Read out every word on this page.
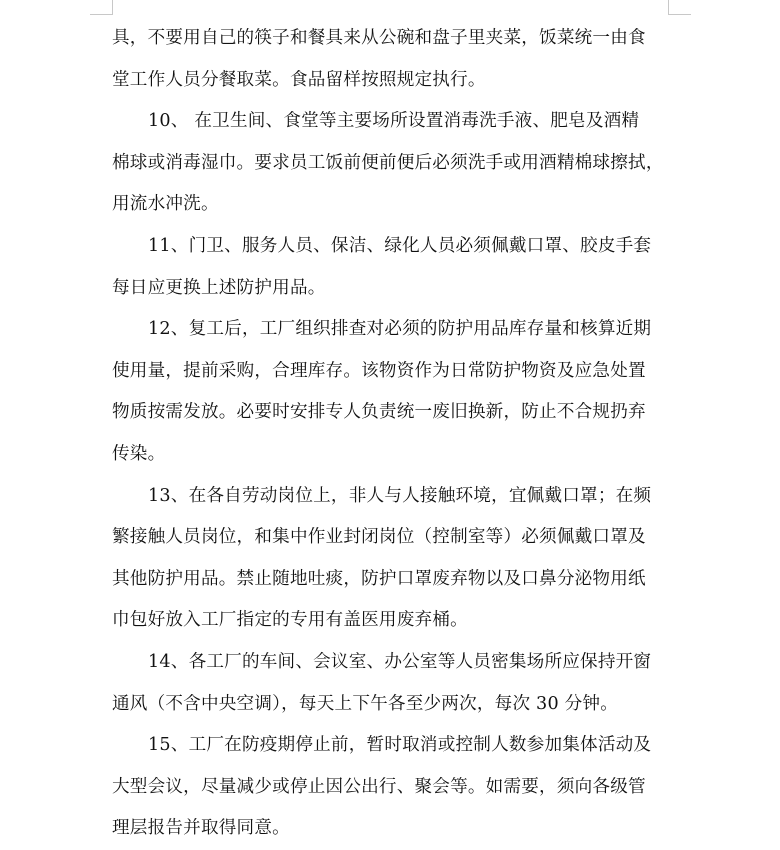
具，不要用自己的筷子和餐具来从公碗和盘子里夹菜，饭菜统一由食
堂工作人员分餐取菜。食品留样按照规定执行。
10、 在卫生间、食堂等主要场所设置消毒洗手液、肥皂及酒精
棉球或消毒湿巾。要求员工饭前便前便后必须洗手或用酒精棉球擦拭，
用流水冲洗。
11、门卫、服务人员、保洁、绿化人员必须佩戴口罩、胶皮手套
每日应更换上述防护用品。
12、复工后，工厂组织排查对必须的防护用品库存量和核算近期
使用量，提前采购，合理库存。该物资作为日常防护物资及应急处置
物质按需发放。必要时安排专人负责统一废旧换新，防止不合规扔弃
传染。
13、在各自劳动岗位上，非人与人接触环境，宜佩戴口罩；在频
繁接触人员岗位，和集中作业封闭岗位（控制室等）必须佩戴口罩及
其他防护用品。禁止随地吐痰，防护口罩废弃物以及口鼻分泌物用纸
巾包好放入工厂指定的专用有盖医用废弃桶。
14、各工厂的车间、会议室、办公室等人员密集场所应保持开窗
通风（不含中央空调），每天上下午各至少两次，每次 30 分钟。
15、工厂在防疫期停止前，暂时取消或控制人数参加集体活动及
大型会议，尽量减少或停止因公出行、聚会等。如需要，须向各级管
理层报告并取得同意。
